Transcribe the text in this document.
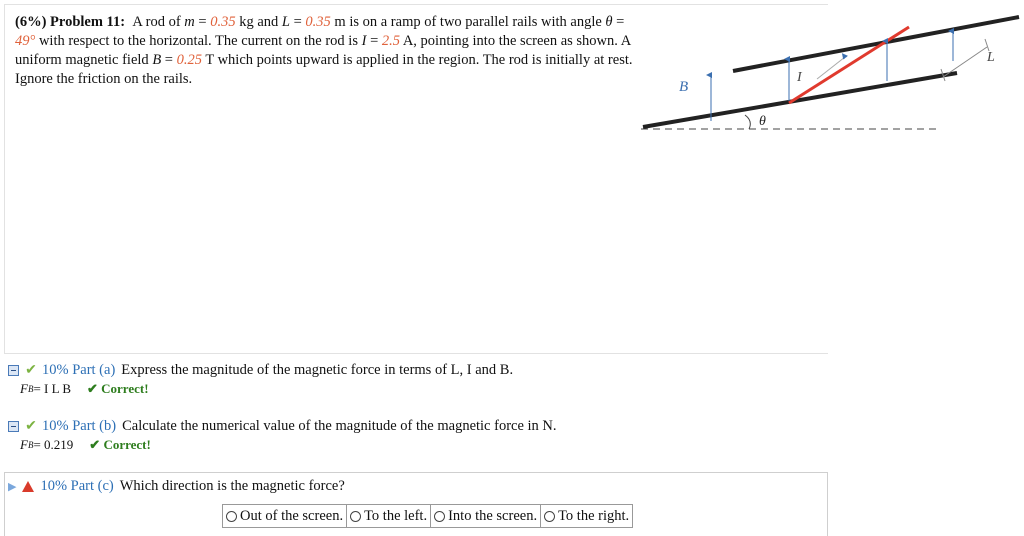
(6%) Problem 11: A rod of m = 0.35 kg and L = 0.35 m is on a ramp of two parallel rails with angle θ = 49° with respect to the horizontal. The current on the rod is I = 2.5 A, pointing into the screen as shown. A uniform magnetic field B = 0.25 T which points upward is applied in the region. The rod is initially at rest. Ignore the friction on the rails.	B
I
L
θ
✔ 10% Part (a) Express the magnitude of the magnetic force in terms of L, I and B.
F B = I L B ✔ Correct!
✔ 10% Part (b) Calculate the numerical value of the magnitude of the magnetic force in N.
F B = 0.219 ✔ Correct!
▶ 10% Part (c) Which direction is the magnetic force?
Out of the screen. To the left. Into the screen. To the right.
